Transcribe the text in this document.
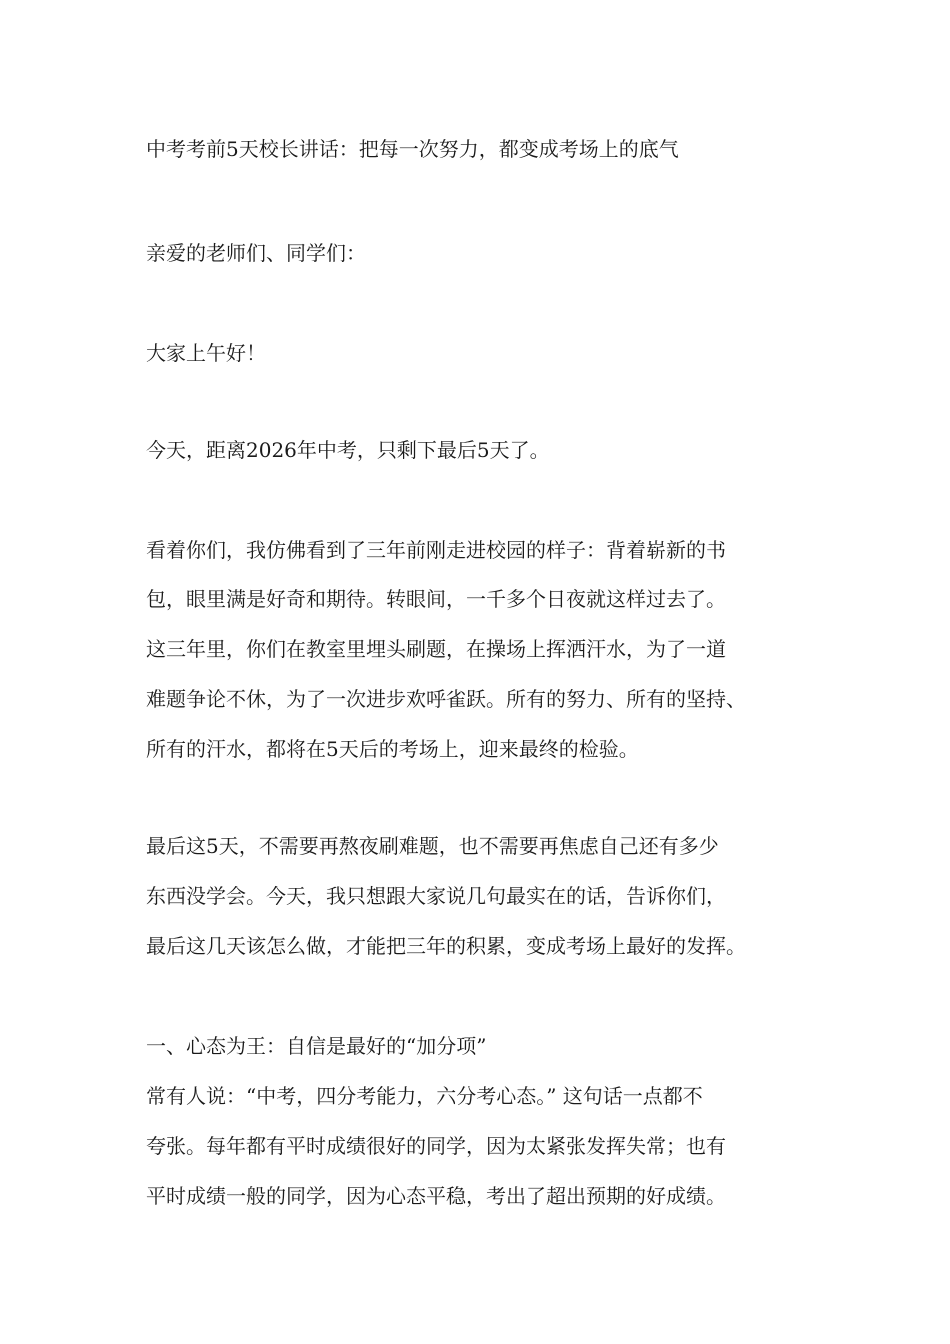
中考考前5天校长讲话：把每一次努力，都变成考场上的底气

亲爱的老师们、同学们：

大家上午好！

今天，距离2026年中考，只剩下最后5天了。

看着你们，我仿佛看到了三年前刚走进校园的样子：背着崭新的书

包，眼里满是好奇和期待。转眼间，一千多个日夜就这样过去了。

这三年里，你们在教室里埋头刷题，在操场上挥洒汗水，为了一道

难题争论不休，为了一次进步欢呼雀跃。所有的努力、所有的坚持、

所有的汗水，都将在5天后的考场上，迎来最终的检验。

最后这5天，不需要再熬夜刷难题，也不需要再焦虑自己还有多少

东西没学会。今天，我只想跟大家说几句最实在的话，告诉你们，

最后这几天该怎么做，才能把三年的积累，变成考场上最好的发挥。

一、心态为王：自信是最好的“加分项”

常有人说：“中考，四分考能力，六分考心态。” 这句话一点都不

夸张。每年都有平时成绩很好的同学，因为太紧张发挥失常；也有

平时成绩一般的同学，因为心态平稳，考出了超出预期的好成绩。
